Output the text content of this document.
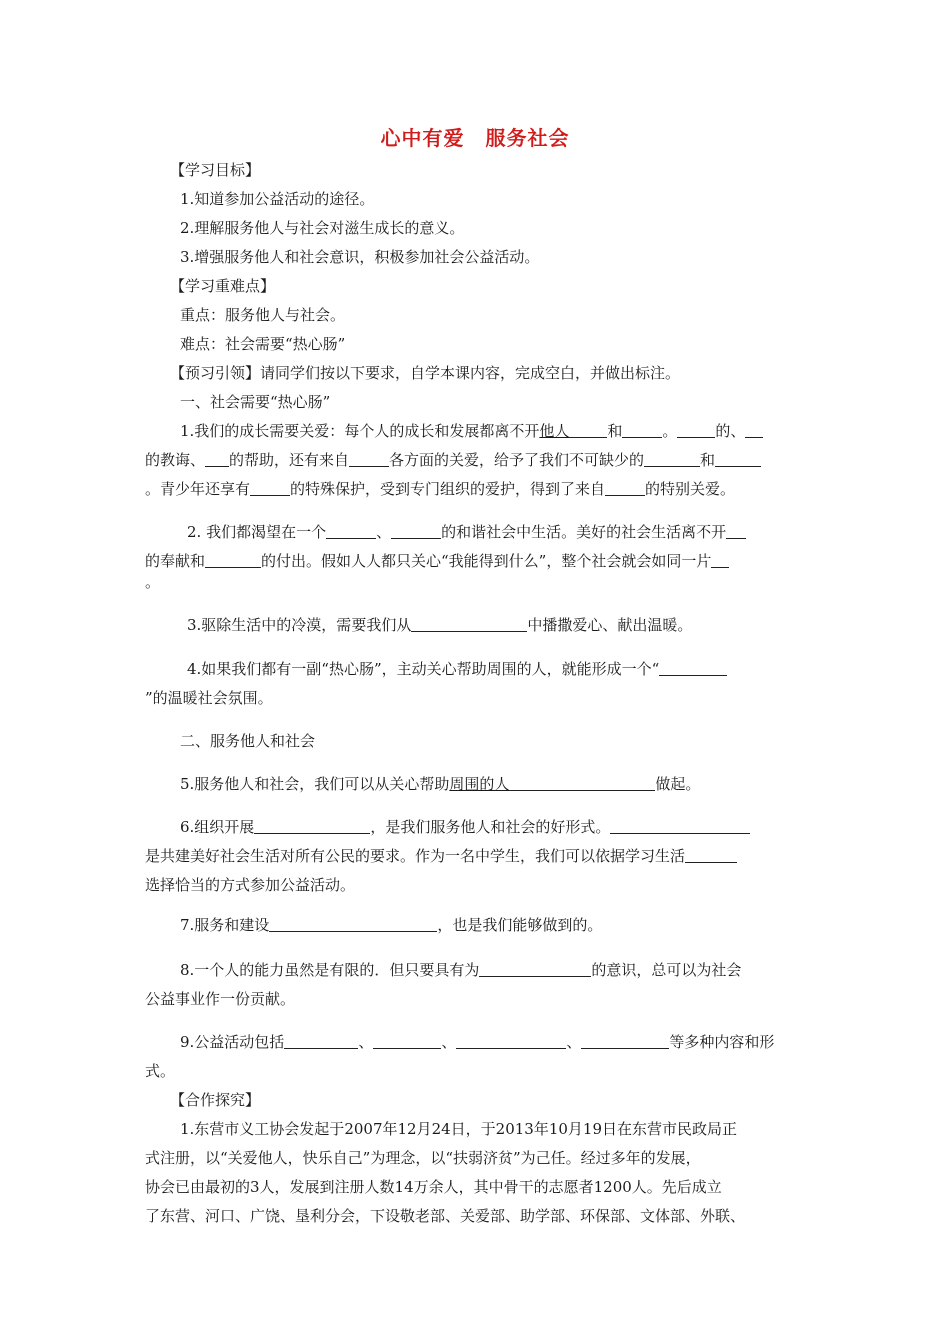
心中有爱　服务社会
【学习目标】
1.知道参加公益活动的途径。
2.理解服务他人与社会对滋生成长的意义。
3.增强服务他人和社会意识，积极参加社会公益活动。
【学习重难点】
重点：服务他人与社会。
难点：社会需要“热心肠”
【预习引领】请同学们按以下要求，自学本课内容，完成空白，并做出标注。
一、社会需要“热心肠”
1.我们的成长需要关爱：每个人的成长和发展都离不开他人	和	。	的、
的教诲、 的帮助，还有来自	各方面的关爱，给予了我们不可缺少的	和
。青少年还享有	的特殊保护，受到专门组织的爱护，得到了来自	的特别关爱。
2. 我们都渴望在一个	、	的和谐社会中生活。美好的社会生活离不开
的奉献和	的付出。假如人人都只关心“我能得到什么”，整个社会就会如同一片
。
3.驱除生活中的冷漠，需要我们从	中播撒爱心、献出温暖。
4.如果我们都有一副“热心肠”，主动关心帮助周围的人，就能形成一个“
”的温暖社会氛围。
二、服务他人和社会
5.服务他人和社会，我们可以从关心帮助周围的人	做起。
6.组织开展	，是我们服务他人和社会的好形式。
是共建美好社会生活对所有公民的要求。作为一名中学生，我们可以依据学习生活
选择恰当的方式参加公益活动。
7.服务和建设	，也是我们能够做到的。
8.一个人的能力虽然是有限的．但只要具有为	的意识，总可以为社会
公益事业作一份贡献。
9.公益活动包括	、	、	、	等多种内容和形
式。
【合作探究】
1.东营市义工协会发起于2007年12月24日，于2013年10月19日在东营市民政局正
式注册，以“关爱他人，快乐自己”为理念，以“扶弱济贫”为己任。经过多年的发展，
协会已由最初的3人，发展到注册人数14万余人，其中骨干的志愿者1200人。先后成立
了东营、河口、广饶、垦利分会，下设敬老部、关爱部、助学部、环保部、文体部、外联、
